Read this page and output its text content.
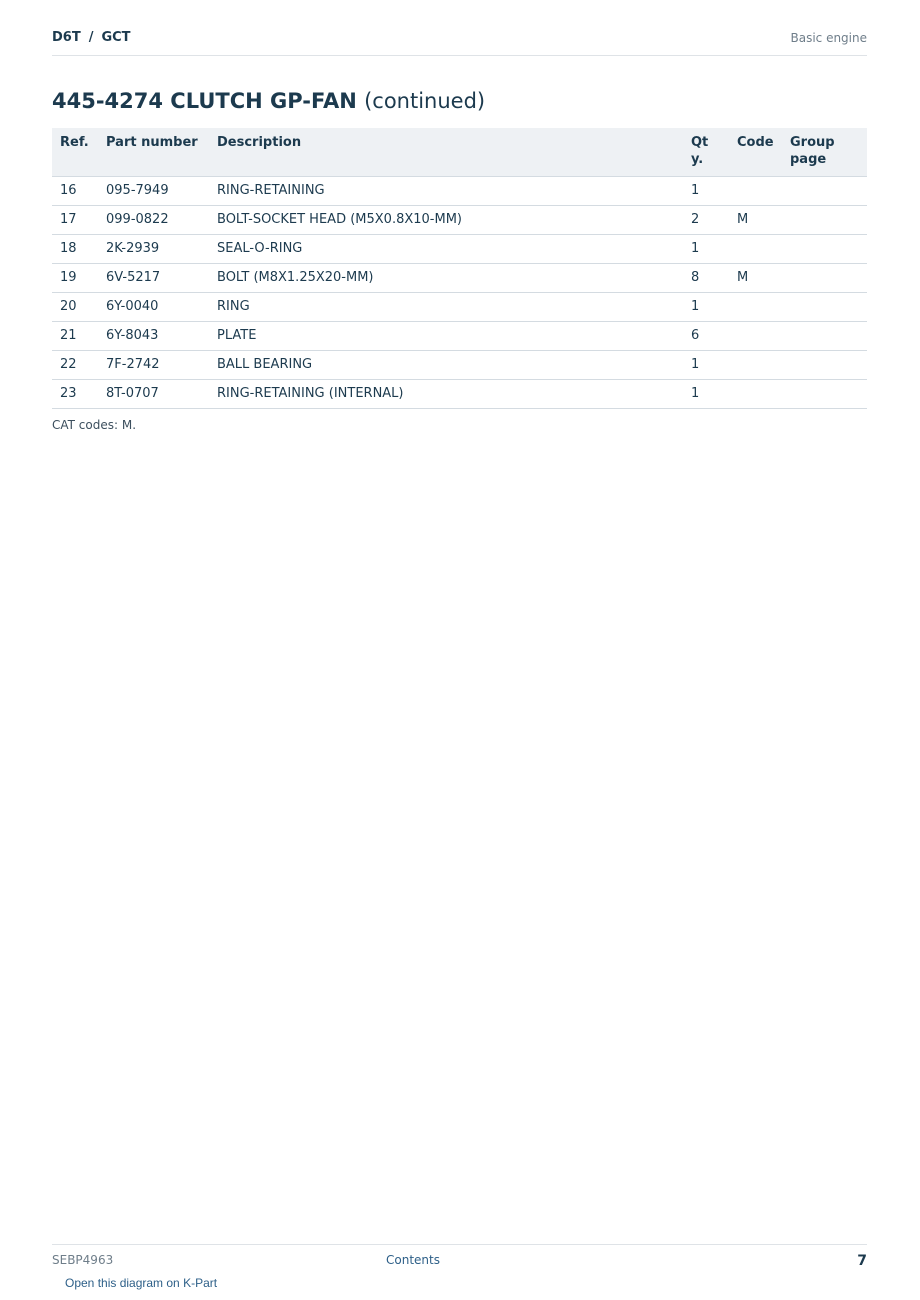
D6T / GCT	Basic engine
445-4274 CLUTCH GP-FAN (continued)
Ref.	Part number	Description	Qty.	Code	Group page
16	095-7949	RING-RETAINING	1		
17	099-0822	BOLT-SOCKET HEAD (M5X0.8X10-MM)	2	M	
18	2K-2939	SEAL-O-RING	1		
19	6V-5217	BOLT (M8X1.25X20-MM)	8	M	
20	6Y-0040	RING	1		
21	6Y-8043	PLATE	6		
22	7F-2742	BALL BEARING	1		
23	8T-0707	RING-RETAINING (INTERNAL)	1		
CAT codes: M.
SEBP4963	Contents	7
Open this diagram on K-Part
